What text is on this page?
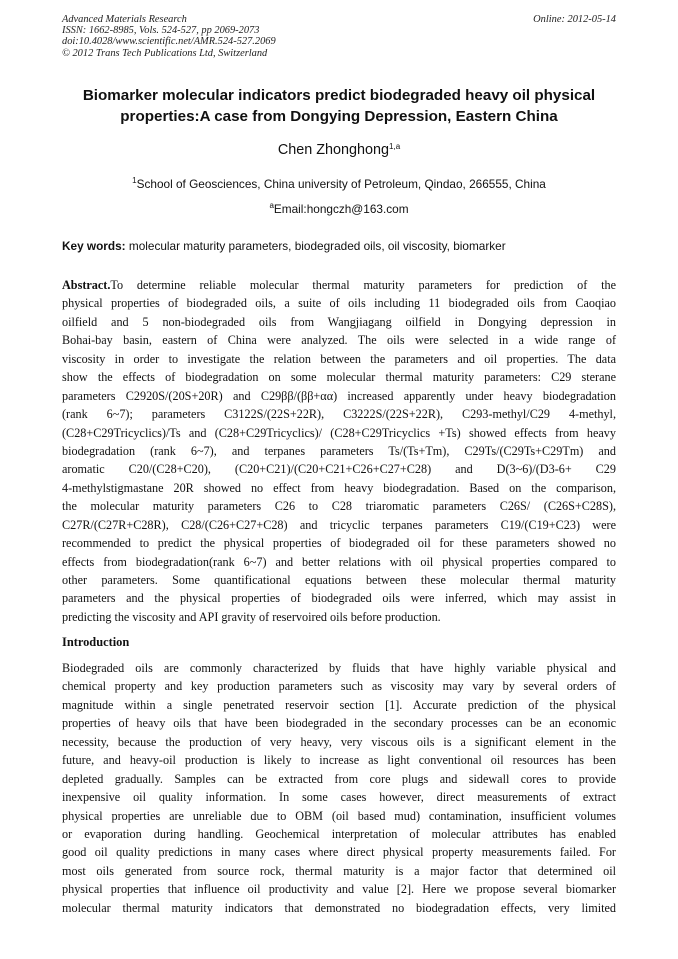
Advanced Materials Research
ISSN: 1662-8985, Vols. 524-527, pp 2069-2073
doi:10.4028/www.scientific.net/AMR.524-527.2069
© 2012 Trans Tech Publications Ltd, Switzerland
Online: 2012-05-14
Biomarker molecular indicators predict biodegraded heavy oil physical
properties:A case from Dongying Depression, Eastern China
Chen Zhonghong$^{1,a}$
$^1$School of Geosciences, China university of Petroleum, Qindao, 266555, China
$^a$Email:hongczh@163.com
Key words: molecular maturity parameters, biodegraded oils, oil viscosity, biomarker
Abstract.To determine reliable molecular thermal maturity parameters for prediction of the
physical properties of biodegraded oils, a suite of oils including 11 biodegraded oils from Caoqiao
oilfield and 5 non-biodegraded oils from Wangjiagang oilfield in Dongying depression in
Bohai-bay basin, eastern of China were analyzed. The oils were selected in a wide range of
viscosity in order to investigate the relation between the parameters and oil properties. The data
show the effects of biodegradation on some molecular thermal maturity parameters: C29 sterane
parameters C2920S/(20S+20R) and C29ββ/(ββ+αα) increased apparently under heavy biodegradation
(rank 6~7); parameters C3122S/(22S+22R), C3222S/(22S+22R), C293-methyl/C29 4-methyl,
(C28+C29Tricyclics)/Ts and (C28+C29Tricyclics)/ (C28+C29Tricyclics +Ts) showed effects from heavy
biodegradation (rank 6~7), and terpanes parameters Ts/(Ts+Tm), C29Ts/(C29Ts+C29Tm) and
aromatic C20/(C28+C20), (C20+C21)/(C20+C21+C26+C27+C28) and D(3~6)/(D3-6+ C29
4-methylstigmastane 20R showed no effect from heavy biodegradation. Based on the comparison,
the molecular maturity parameters C26 to C28 triaromatic parameters C26S/ (C26S+C28S),
C27R/(C27R+C28R), C28/(C26+C27+C28) and tricyclic terpanes parameters C19/(C19+C23) were
recommended to predict the physical properties of biodegraded oil for these parameters showed no
effects from biodegradation(rank 6~7) and better relations with oil physical properties compared to
other parameters. Some quantificational equations between these molecular thermal maturity
parameters and the physical properties of biodegraded oils were inferred, which may assist in
predicting the viscosity and API gravity of reservoired oils before production.
Introduction
Biodegraded oils are commonly characterized by fluids that have highly variable physical and
chemical property and key production parameters such as viscosity may vary by several orders of
magnitude within a single penetrated reservoir section [1]. Accurate prediction of the physical
properties of heavy oils that have been biodegraded in the secondary processes can be an economic
necessity, because the production of very heavy, very viscous oils is a significant element in the
future, and heavy-oil production is likely to increase as light conventional oil resources has been
depleted gradually. Samples can be extracted from core plugs and sidewall cores to provide
inexpensive oil quality information. In some cases however, direct measurements of extract
physical properties are unreliable due to OBM (oil based mud) contamination, insufficient volumes
or evaporation during handling. Geochemical interpretation of molecular attributes has enabled
good oil quality predictions in many cases where direct physical property measurements failed. For
most oils generated from source rock, thermal maturity is a major factor that determined oil
physical properties that influence oil productivity and value [2]. Here we propose several biomarker
molecular thermal maturity indicators that demonstrated no biodegradation effects, very limited
